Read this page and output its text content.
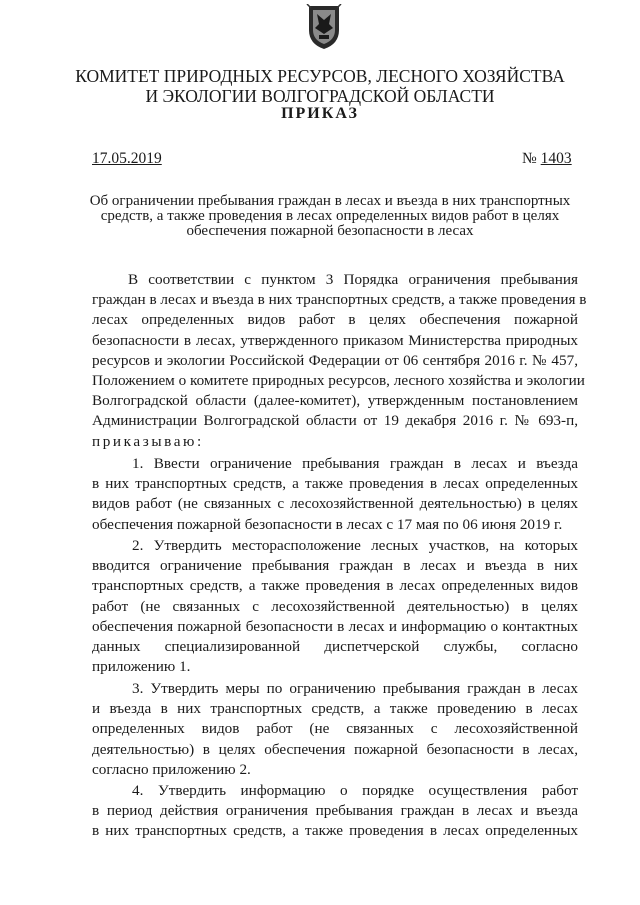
КОМИТЕТ ПРИРОДНЫХ РЕСУРСОВ, ЛЕСНОГО ХОЗЯЙСТВА
И ЭКОЛОГИИ ВОЛГОГРАДСКОЙ ОБЛАСТИ
ПРИКАЗ
17.05.2019	№ 1403
Об ограничении пребывания граждан в лесах и въезда в них транспортных
средств, а также проведения в лесах определенных видов работ в целях
обеспечения пожарной безопасности в лесах
В соответствии с пунктом 3 Порядка ограничения пребывания
граждан в лесах и въезда в них транспортных средств, а также проведения в
лесах определенных видов работ в целях обеспечения пожарной
безопасности в лесах, утвержденного приказом Министерства природных
ресурсов и экологии Российской Федерации от 06 сентября 2016 г. № 457,
Положением о комитете природных ресурсов, лесного хозяйства и экологии
Волгоградской области (далее-комитет), утвержденным постановлением
Администрации Волгоградской области от 19 декабря 2016 г. № 693-п,
приказываю:
1. Ввести ограничение пребывания граждан в лесах и въезда
в них транспортных средств, а также проведения в лесах определенных
видов работ (не связанных с лесохозяйственной деятельностью) в целях
обеспечения пожарной безопасности в лесах с 17 мая по 06 июня 2019 г.
2. Утвердить месторасположение лесных участков, на которых
вводится ограничение пребывания граждан в лесах и въезда в них
транспортных средств, а также проведения в лесах определенных видов
работ (не связанных с лесохозяйственной деятельностью) в целях
обеспечения пожарной безопасности в лесах и информацию о контактных
данных специализированной диспетчерской службы, согласно
приложению 1.
3. Утвердить меры по ограничению пребывания граждан в лесах
и въезда в них транспортных средств, а также проведению в лесах
определенных видов работ (не связанных с лесохозяйственной
деятельностью) в целях обеспечения пожарной безопасности в лесах,
согласно приложению 2.
4. Утвердить информацию о порядке осуществления работ
в период действия ограничения пребывания граждан в лесах и въезда
в них транспортных средств, а также проведения в лесах определенных
